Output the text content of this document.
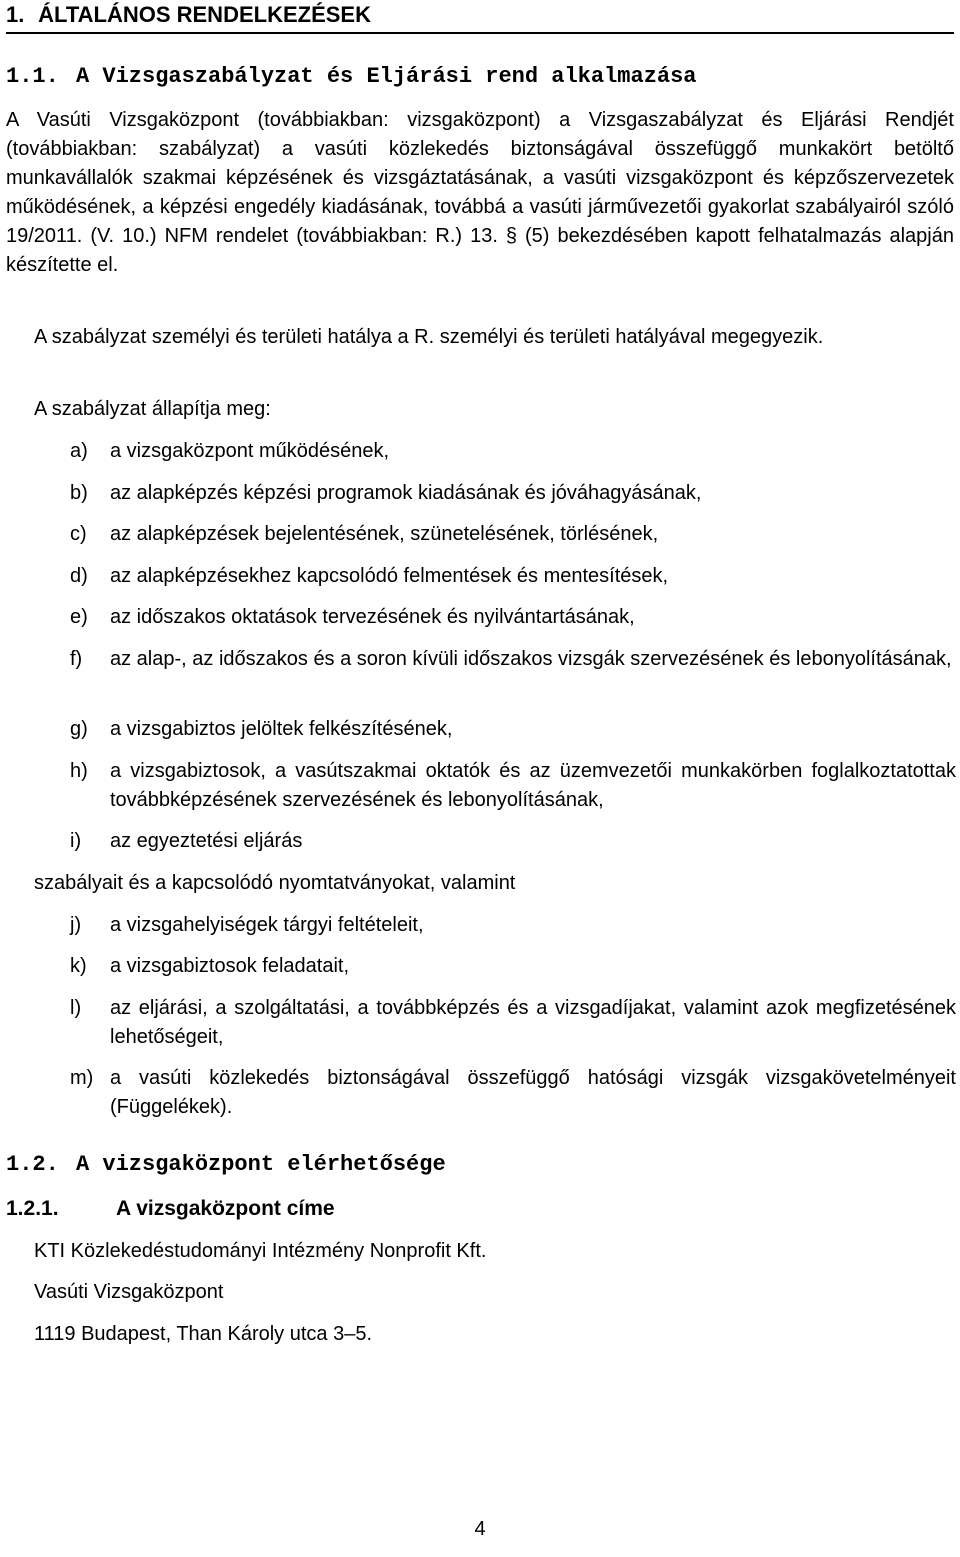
1. ÁLTALÁNOS RENDELKEZÉSEK
1.1. A Vizsgaszabályzat és Eljárási rend alkalmazása
A Vasúti Vizsgaközpont (továbbiakban: vizsgaközpont) a Vizsgaszabályzat és Eljárási Rendjét (továbbiakban: szabályzat) a vasúti közlekedés biztonságával összefüggő munkakört betöltő munkavállalók szakmai képzésének és vizsgáztatásának, a vasúti vizsgaközpont és képzőszervezetek működésének, a képzési engedély kiadásának, továbbá a vasúti járművezetői gyakorlat szabályairól szóló 19/2011. (V. 10.) NFM rendelet (továbbiakban: R.) 13. § (5) bekezdésében kapott felhatalmazás alapján készítette el.
A szabályzat személyi és területi hatálya a R. személyi és területi hatályával megegyezik.
A szabályzat állapítja meg:
a)	a vizsgaközpont működésének,
b)	az alapképzés képzési programok kiadásának és jóváhagyásának,
c)	az alapképzések bejelentésének, szünetelésének, törlésének,
d)	az alapképzésekhez kapcsolódó felmentések és mentesítések,
e)	az időszakos oktatások tervezésének és nyilvántartásának,
f)	az alap-, az időszakos és a soron kívüli időszakos vizsgák szervezésének és lebonyolításának,
g)	a vizsgabiztos jelöltek felkészítésének,
h)	a vizsgabiztosok, a vasútszakmai oktatók és az üzemvezetői munkakörben foglalkoztatottak továbbképzésének szervezésének és lebonyolításának,
i)	az egyeztetési eljárás
szabályait és a kapcsolódó nyomtatványokat, valamint
j)	a vizsgahelyiségek tárgyi feltételeit,
k)	a vizsgabiztosok feladatait,
l)	az eljárási, a szolgáltatási, a továbbképzés és a vizsgadíjakat, valamint azok megfizetésének lehetőségeit,
m) a vasúti közlekedés biztonságával összefüggő hatósági vizsgák vizsgakövetelményeit (Függelékek).
1.2. A vizsgaközpont elérhetősége
1.2.1.	A vizsgaközpont címe
KTI Közlekedéstudományi Intézmény Nonprofit Kft.
Vasúti Vizsgaközpont
1119 Budapest, Than Károly utca 3–5.
4
